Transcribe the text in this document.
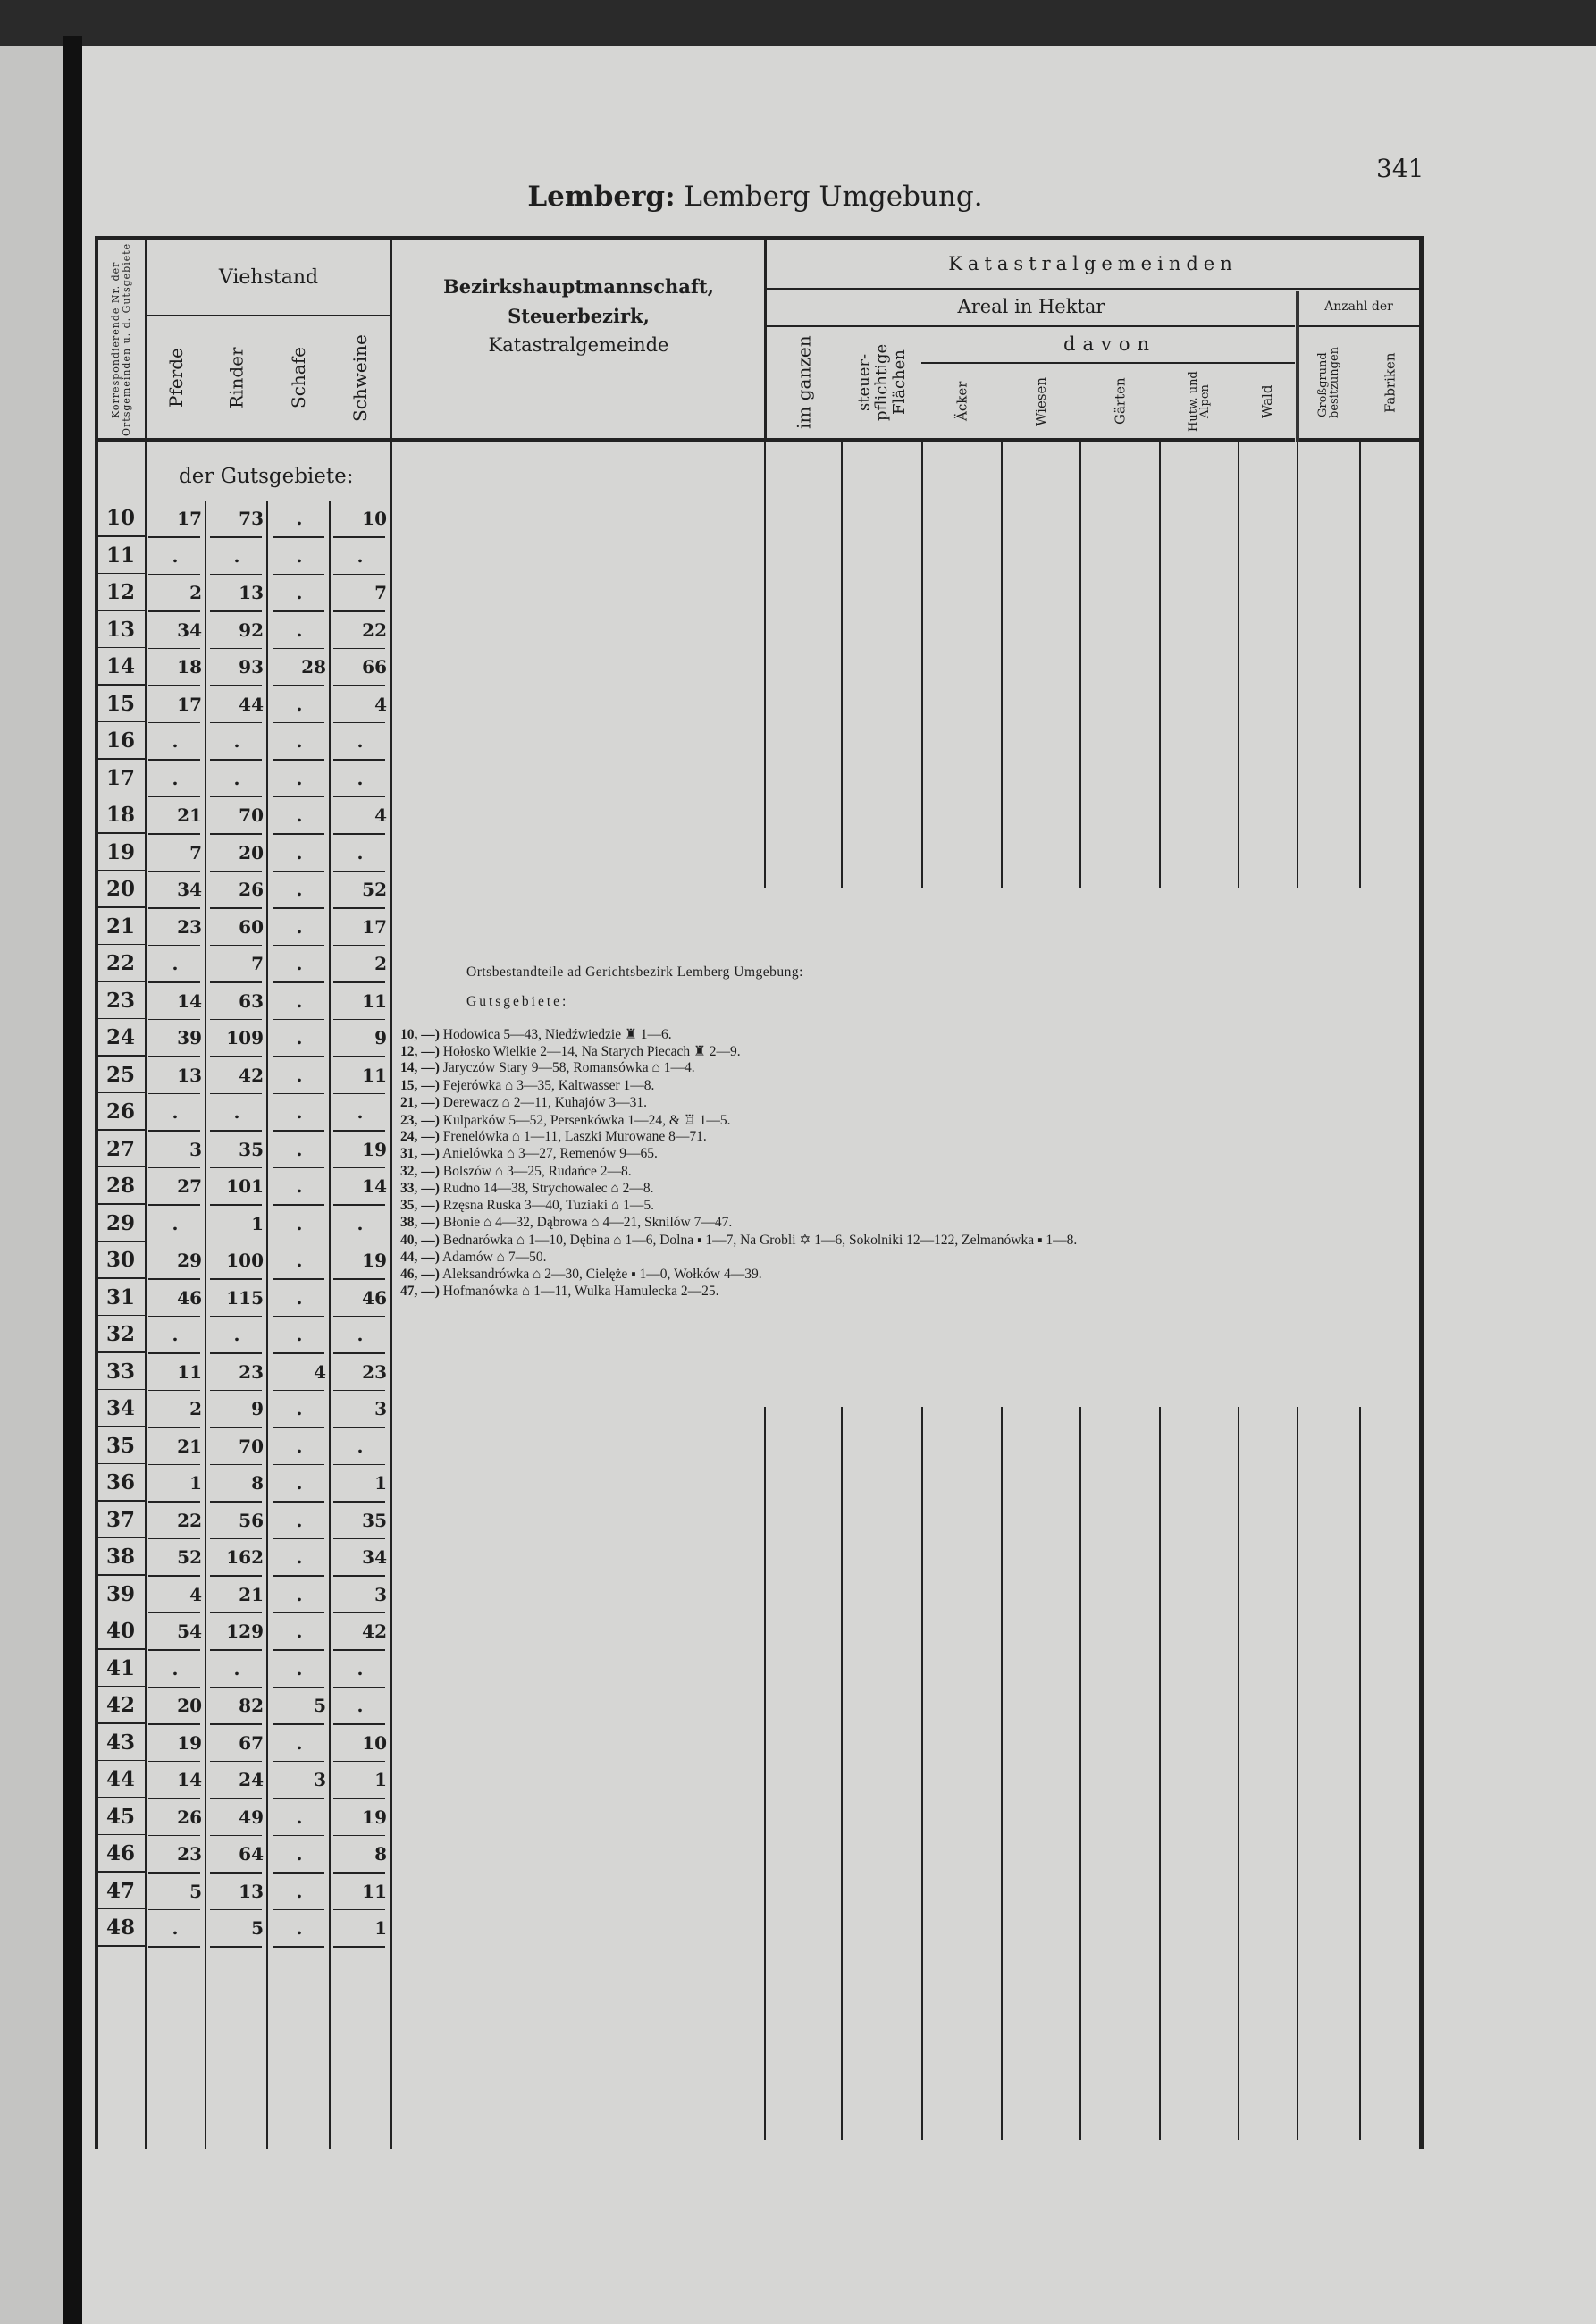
341
Lemberg: Lemberg Umgebung.
Korrespondierende Nr. der Ortsgemeinden u. d. Gutsgebiete	Viehstand
Pferde	Rinder	Schafe	Schweine
Bezirkshauptmannschaft,
Steuerbezirk,
Katastralgemeinde
Katastralgemeinden
Areal in Hektar	Anzahl der
im ganzen	steuer-pflichtige Flächen
davon
Äcker	Wiesen	Gärten	Hutw. und Alpen	Wald	Großgrund-besitzungen	Fabriken
der Gutsgebiete:
10	17	73	.	10
11	.	.	.	.
12	2	13	.	7
13	34	92	.	22
14	18	93	28	66
15	17	44	.	4
16	.	.	.	.
17	.	.	.	.
18	21	70	.	4
19	7	20	.	.
20	34	26	.	52
21	23	60	.	17
22	.	7	.	2
23	14	63	.	11
24	39	109	.	9
25	13	42	.	11
26	.	.	.	.
27	3	35	.	19
28	27	101	.	14
29	.	1	.	.
30	29	100	.	19
31	46	115	.	46
32	.	.	.	.
33	11	23	4	23
34	2	9	.	3
35	21	70	.	.
36	1	8	.	1
37	22	56	.	35
38	52	162	.	34
39	4	21	.	3
40	54	129	.	42
41	.	.	.	.
42	20	82	5	.
43	19	67	.	10
44	14	24	3	1
45	26	49	.	19
46	23	64	.	8
47	5	13	.	11
48	.	5	.	1
Ortsbestandteile ad Gerichtsbezirk Lemberg Umgebung:
Gutsgebiete:
10, —) Hodowica 5—43, Niedźwiedzie ♜ 1—6.
12, —) Hołosko Wielkie 2—14, Na Starych Piecach ♜ 2—9.
14, —) Jaryczów Stary 9—58, Romansówka ⌂ 1—4.
15, —) Fejerówka ⌂ 3—35, Kaltwasser 1—8.
21, —) Derewacz ⌂ 2—11, Kuhajów 3—31.
23, —) Kulparków 5—52, Persenkówka 1—24, & ♖ 1—5.
24, —) Frenelówka ⌂ 1—11, Laszki Murowane 8—71.
31, —) Anielówka ⌂ 3—27, Remenów 9—65.
32, —) Bolszów ⌂ 3—25, Rudańce 2—8.
33, —) Rudno 14—38, Strychowalec ⌂ 2—8.
35, —) Rzęsna Ruska 3—40, Tuziaki ⌂ 1—5.
38, —) Błonie ⌂ 4—32, Dąbrowa ⌂ 4—21, Sknilów 7—47.
40, —) Bednarówka ⌂ 1—10, Dębina ⌂ 1—6, Dolna ▪ 1—7, Na Grobli ✡ 1—6, Sokolniki 12—122, Zelmanówka ▪ 1—8.
44, —) Adamów ⌂ 7—50.
46, —) Aleksandrówka ⌂ 2—30, Cielęże ▪ 1—0, Wołków 4—39.
47, —) Hofmanówka ⌂ 1—11, Wulka Hamulecka 2—25.
